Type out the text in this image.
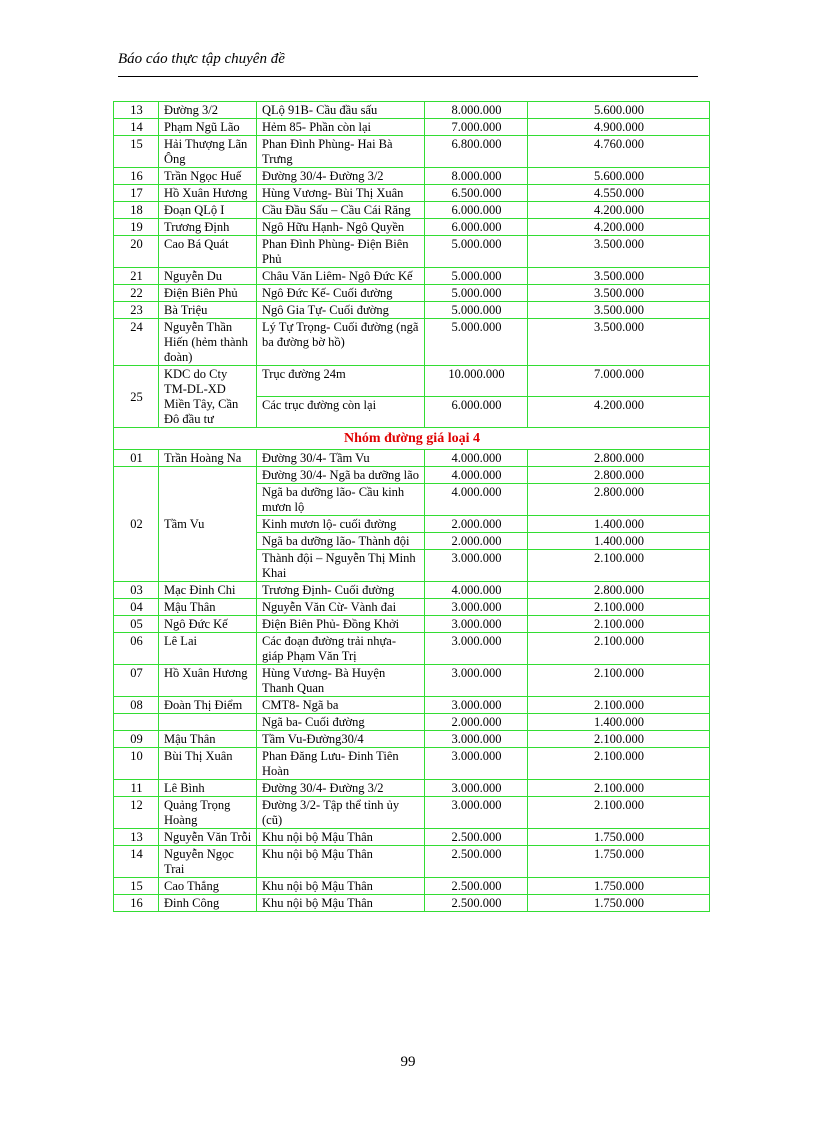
Báo cáo thực tập chuyên đề
13	Đường 3/2	QLộ 91B- Cầu đầu sấu	8.000.000	5.600.000
14	Phạm Ngũ Lão	Hẻm 85- Phần còn lại	7.000.000	4.900.000
15	Hải Thượng Lãn Ông	Phan Đình Phùng- Hai Bà Trưng	6.800.000	4.760.000
16	Trần Ngọc Huế	Đường 30/4- Đường 3/2	8.000.000	5.600.000
17	Hồ Xuân Hương	Hùng Vương- Bùi Thị Xuân	6.500.000	4.550.000
18	Đoạn QLộ I	Cầu Đầu Sấu – Cầu Cái Răng	6.000.000	4.200.000
19	Trương Định	Ngô Hữu Hạnh- Ngô Quyền	6.000.000	4.200.000
20	Cao Bá Quát	Phan Đình Phùng- Điện Biên Phủ	5.000.000	3.500.000
21	Nguyễn Du	Châu Văn Liêm- Ngô Đức Kế	5.000.000	3.500.000
22	Điện Biên Phủ	Ngô Đức Kế- Cuối đường	5.000.000	3.500.000
23	Bà Triệu	Ngô Gia Tự- Cuối đường	5.000.000	3.500.000
24	Nguyễn Thần Hiến (hẻm thành đoàn)	Lý Tự Trọng- Cuối đường (ngã ba đường bờ hồ)	5.000.000	3.500.000
25	KDC do Cty TM-DL-XD Miền Tây, Cần Đô đầu tư	Trục đường 24m	10.000.000	7.000.000
		Các trục đường còn lại	6.000.000	4.200.000
Nhóm đường giá loại 4				
01	Trần Hoàng Na	Đường 30/4- Tầm Vu	4.000.000	2.800.000
02	Tầm Vu	Đường 30/4- Ngã ba dưỡng lão	4.000.000	2.800.000
		Ngã ba dưỡng lão- Cầu kinh mươn lộ	4.000.000	2.800.000
		Kinh mươn lộ- cuối đường	2.000.000	1.400.000
		Ngã ba dưỡng lão- Thành đội	2.000.000	1.400.000
		Thành đội – Nguyễn Thị Minh Khai	3.000.000	2.100.000
03	Mạc Đỉnh Chi	Trương Định- Cuối đường	4.000.000	2.800.000
04	Mậu Thân	Nguyễn Văn Cừ- Vành đai	3.000.000	2.100.000
05	Ngô Đức Kế	Điện Biên Phủ- Đồng Khởi	3.000.000	2.100.000
06	Lê Lai	Các đoạn đường trải nhựa- giáp Phạm Văn Trị	3.000.000	2.100.000
07	Hồ Xuân Hương	Hùng Vương- Bà Huyện Thanh Quan	3.000.000	2.100.000
08	Đoàn Thị Điểm	CMT8- Ngã ba	3.000.000	2.100.000
		Ngã ba- Cuối đường	2.000.000	1.400.000
09	Mậu Thân	Tầm Vu-Đường30/4	3.000.000	2.100.000
10	Bùi Thị Xuân	Phan Đăng Lưu- Đinh Tiên Hoàn	3.000.000	2.100.000
11	Lê Bình	Đường 30/4- Đường 3/2	3.000.000	2.100.000
12	Quảng Trọng Hoàng	Đường 3/2- Tập thể tỉnh ủy (cũ)	3.000.000	2.100.000
13	Nguyễn Văn Trỗi	Khu nội bộ Mậu Thân	2.500.000	1.750.000
14	Nguyễn Ngọc Trai	Khu nội bộ Mậu Thân	2.500.000	1.750.000
15	Cao Thắng	Khu nội bộ Mậu Thân	2.500.000	1.750.000
16	Đinh Công	Khu nội bộ Mậu Thân	2.500.000	1.750.000
99
